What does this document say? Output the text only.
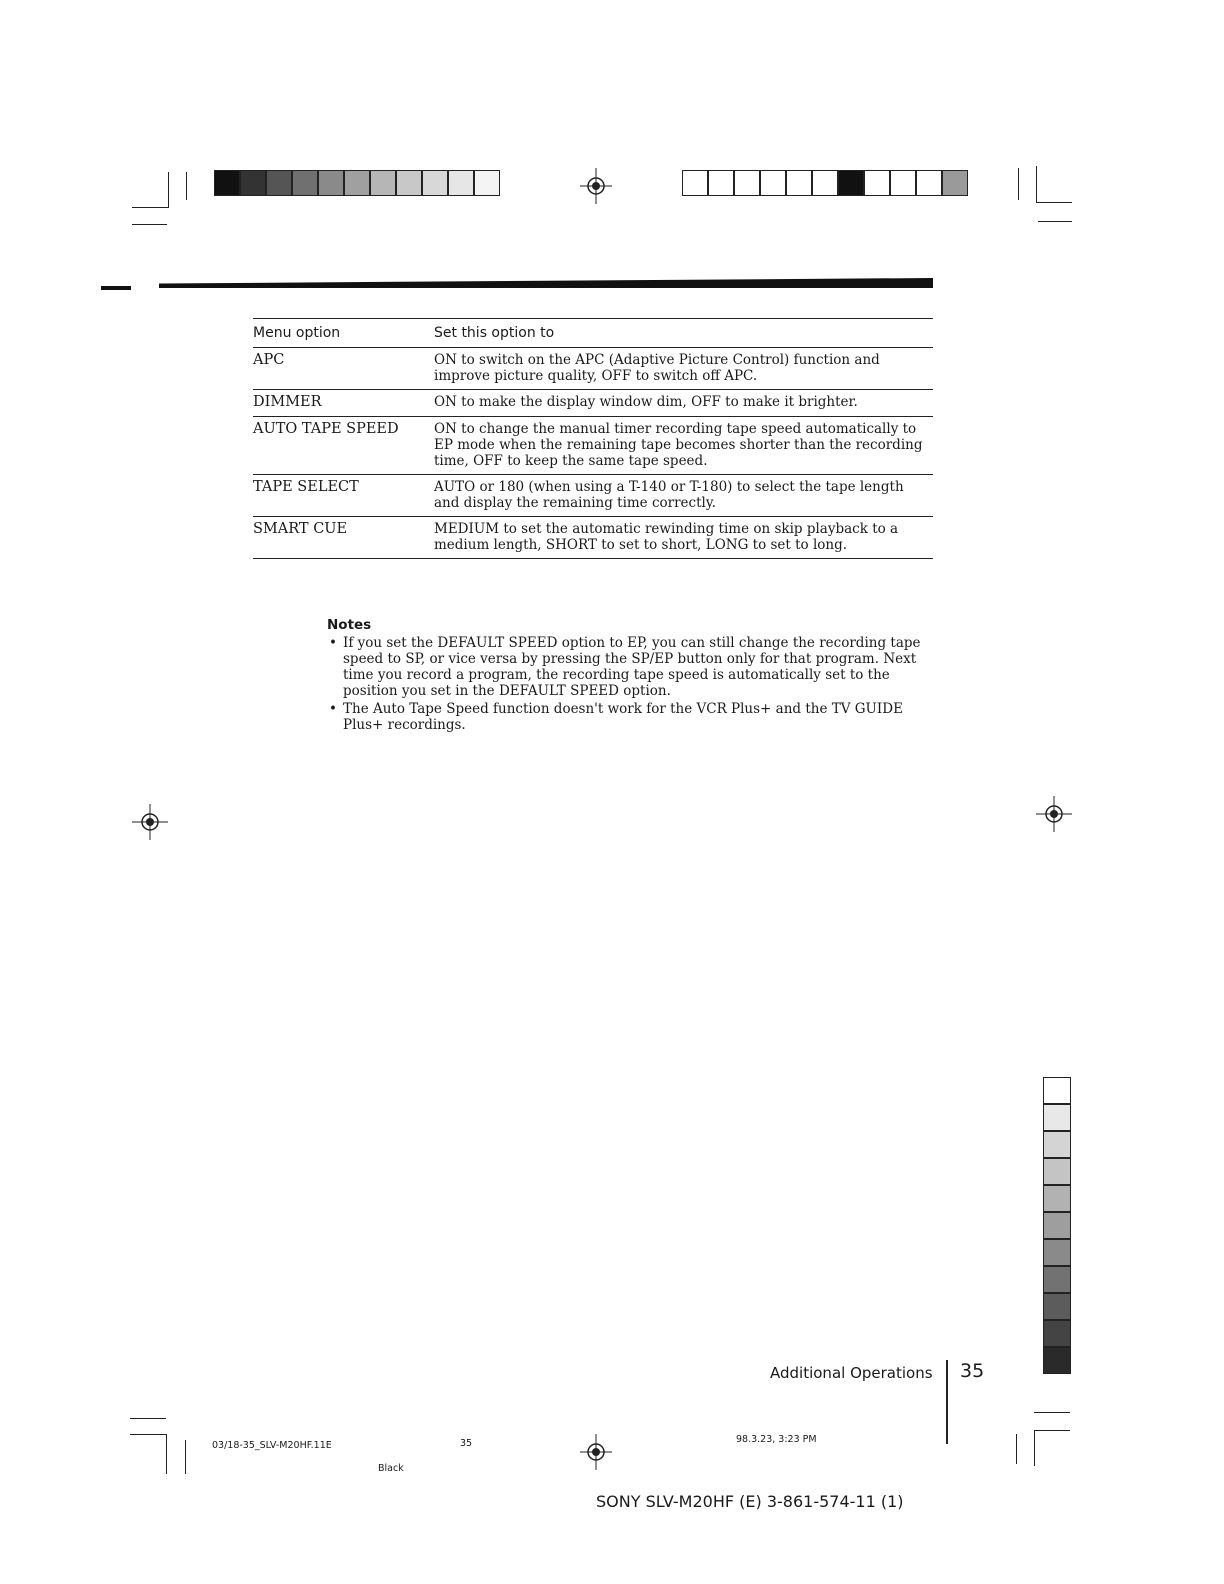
Menu option	Set this option to
APC	ON to switch on the APC (Adaptive Picture Control) function and improve picture quality, OFF to switch off APC.
DIMMER	ON to make the display window dim, OFF to make it brighter.
AUTO TAPE SPEED	ON to change the manual timer recording tape speed automatically to EP mode when the remaining tape becomes shorter than the recording time, OFF to keep the same tape speed.
TAPE SELECT	AUTO or 180 (when using a T-140 or T-180) to select the tape length and display the remaining time correctly.
SMART CUE	MEDIUM to set the automatic rewinding time on skip playback to a medium length, SHORT to set to short, LONG to set to long.
Notes
• If you set the DEFAULT SPEED option to EP, you can still change the recording tape speed to SP, or vice versa by pressing the SP/EP button only for that program. Next time you record a program, the recording tape speed is automatically set to the position you set in the DEFAULT SPEED option.
• The Auto Tape Speed function doesn't work for the VCR Plus+ and the TV GUIDE Plus+ recordings.
Additional Operations 35
03/18-35_SLV-M20HF.11E	35
Black
98.3.23, 3:23 PM
SONY SLV-M20HF (E) 3-861-574-11 (1)
